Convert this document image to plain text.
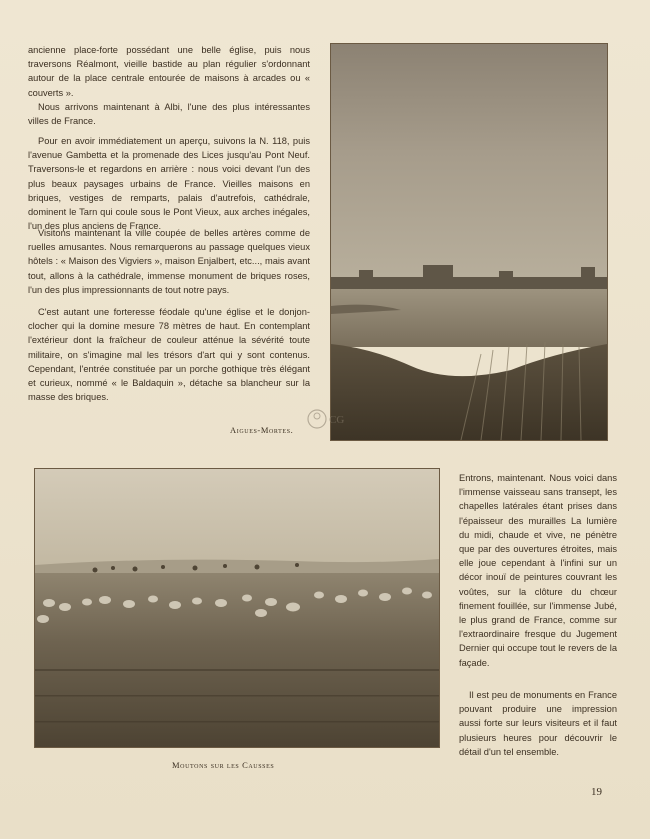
ancienne place-forte possédant une belle église, puis nous traversons Réalmont, vieille bastide au plan régulier s'ordonnant autour de la place centrale entourée de maisons à arcades ou « couverts ».

Nous arrivons maintenant à Albi, l'une des plus intéressantes villes de France.

Pour en avoir immédiatement un aperçu, suivons la N. 118, puis l'avenue Gambetta et la promenade des Lices jusqu'au Pont Neuf. Traversons-le et regardons en arrière : nous voici devant l'un des plus beaux paysages urbains de France. Vieilles maisons en briques, vestiges de remparts, palais d'autrefois, cathédrale, dominent le Tarn qui coule sous le Pont Vieux, aux arches inégales, l'un des plus anciens de France.

Visitons maintenant la ville coupée de belles artères comme de ruelles amusantes. Nous remarquerons au passage quelques vieux hôtels : « Maison des Vigviers », maison Enjalbert, etc..., mais avant tout, allons à la cathédrale, immense monument de briques roses, l'un des plus impressionnants de tout notre pays.

C'est autant une forteresse féodale qu'une église et le donjon-clocher qui la domine mesure 78 mètres de haut. En contemplant l'extérieur dont la fraîcheur de couleur atténue la sévérité toute militaire, on s'imagine mal les trésors d'art qui y sont contenus. Cependant, l'entrée constituée par un porche gothique très élégant et curieux, nommé « le Baldaquin », détache sa blancheur sur la masse des briques.

Aigues-Mortes.

CG

Moutons sur les Causses

Entrons, maintenant. Nous voici dans l'immense vaisseau sans transept, les chapelles latérales étant prises dans l'épaisseur des murailles La lumière du midi, chaude et vive, ne pénètre que par des ouvertures étroites, mais elle joue cependant à l'infini sur un décor inouï de peintures couvrant les voûtes, sur la clôture du chœur finement fouillée, sur l'immense Jubé, le plus grand de France, comme sur l'extraordinaire fresque du Jugement Dernier qui occupe tout le revers de la façade.

Il est peu de monuments en France pouvant produire une impression aussi forte sur leurs visiteurs et il faut plusieurs heures pour découvrir le détail d'un tel ensemble.

19
